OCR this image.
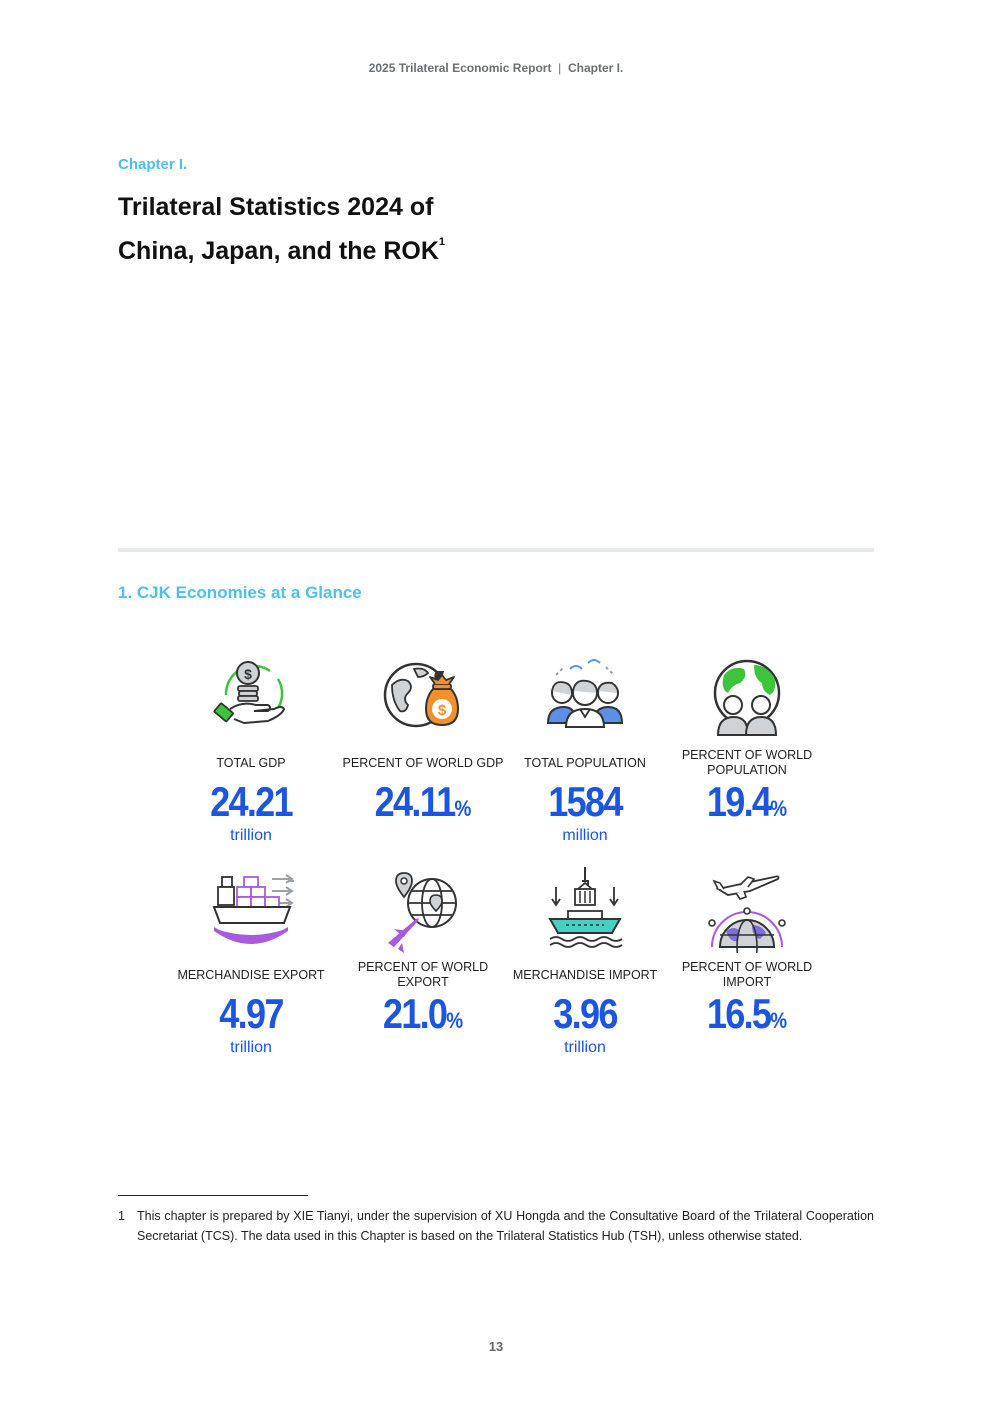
2025 Trilateral Economic Report | Chapter I.
Chapter I.
Trilateral Statistics 2024 of
China, Japan, and the ROK$^1$
1. CJK Economies at a Glance
$
TOTAL GDP
24.21
trillion
$
PERCENT OF WORLD GDP
24.11%
TOTAL POPULATION
1584
million
PERCENT OF WORLD POPULATION
19.4%
MERCHANDISE EXPORT
4.97
trillion
PERCENT OF WORLD EXPORT
21.0%
MERCHANDISE IMPORT
3.96
trillion
PERCENT OF WORLD IMPORT
16.5%
1 This chapter is prepared by XIE Tianyi, under the supervision of XU Hongda and the Consultative Board of the Trilateral Cooperation Secretariat (TCS). The data used in this Chapter is based on the Trilateral Statistics Hub (TSH), unless otherwise stated.
13
